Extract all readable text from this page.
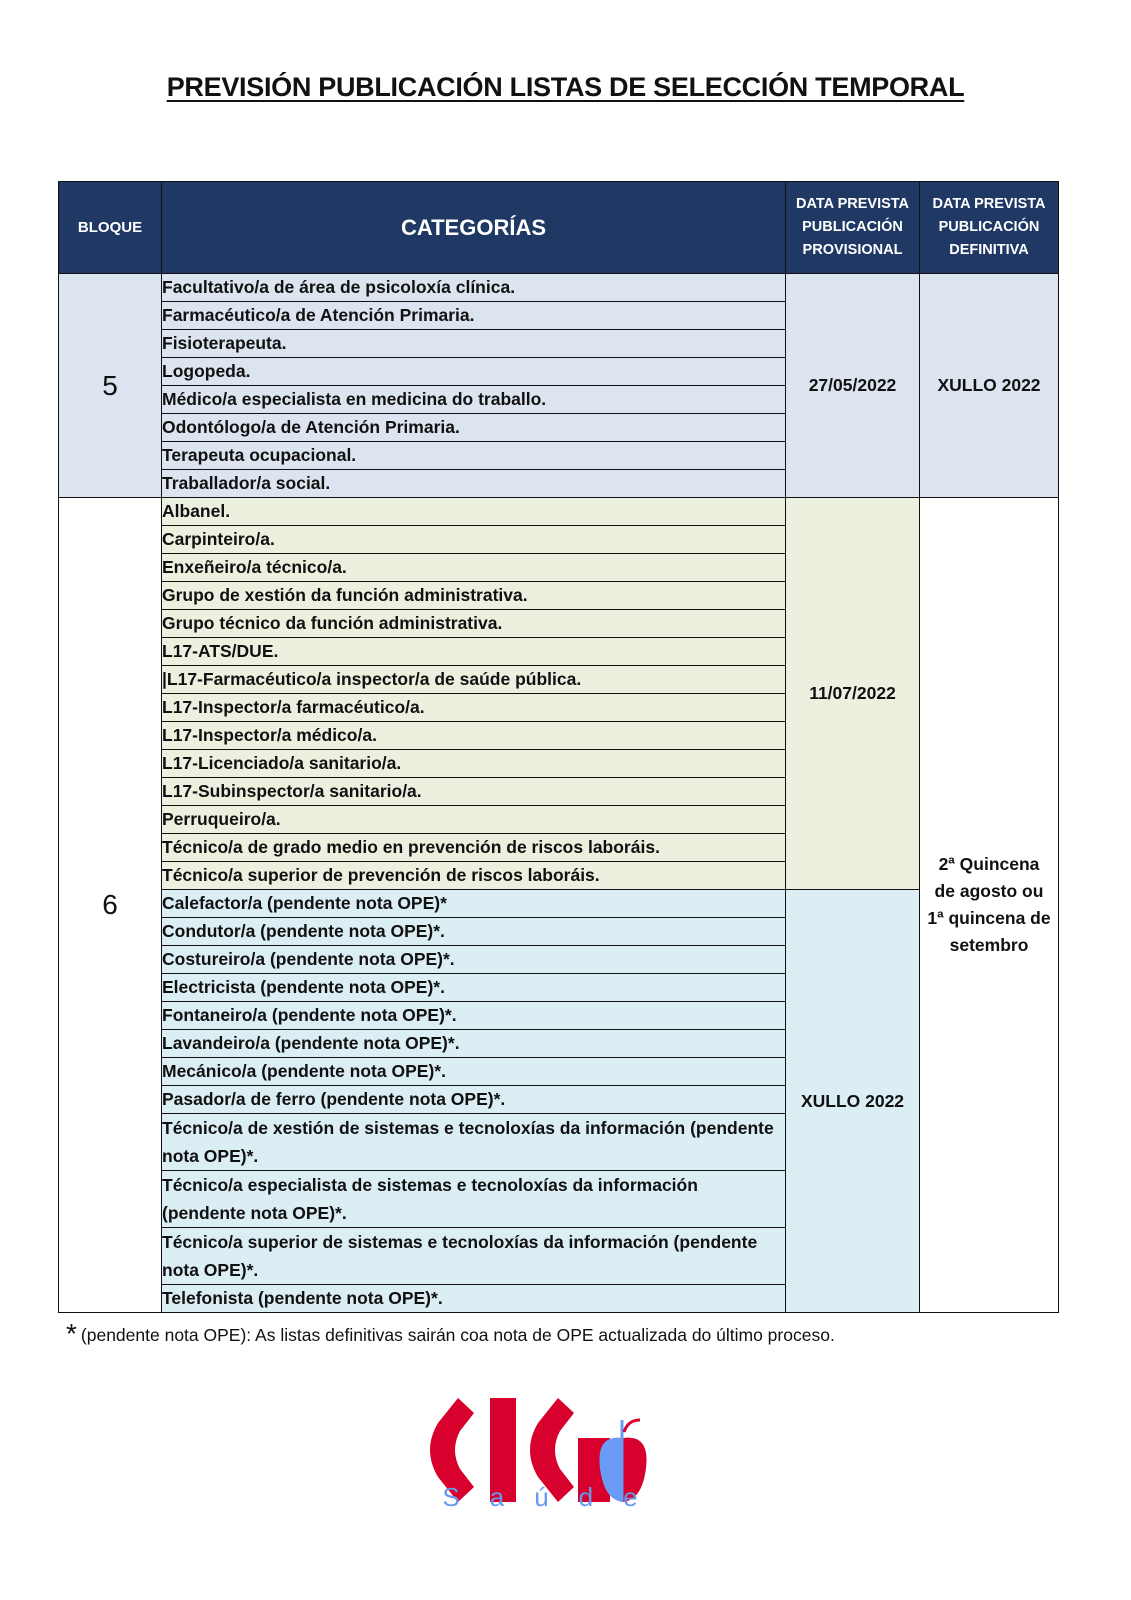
PREVISIÓN PUBLICACIÓN LISTAS DE SELECCIÓN TEMPORAL
BLOQUE	CATEGORÍAS	DATA PREVISTA PUBLICACIÓN PROVISIONAL	DATA PREVISTA PUBLICACIÓN DEFINITIVA
5	Facultativo/a de área de psicoloxía clínica.	27/05/2022	XULLO 2022
	Farmacéutico/a de Atención Primaria.		
	Fisioterapeuta.		
	Logopeda.		
	Médico/a especialista en medicina do traballo.		
	Odontólogo/a de Atención Primaria.		
	Terapeuta ocupacional.		
	Traballador/a social.		
6	Albanel.	11/07/2022	2ª Quincena de agosto ou 1ª quincena de setembro
	Carpinteiro/a.		
	Enxeñeiro/a técnico/a.		
	Grupo de xestión da función administrativa.		
	Grupo técnico da función administrativa.		
	L17-ATS/DUE.		
	|L17-Farmacéutico/a inspector/a de saúde pública.		
	L17-Inspector/a farmacéutico/a.		
	L17-Inspector/a médico/a.		
	L17-Licenciado/a sanitario/a.		
	L17-Subinspector/a sanitario/a.		
	Perruqueiro/a.		
	Técnico/a de grado medio en prevención de riscos laboráis.		
	Técnico/a superior de prevención de riscos laboráis.		
	Calefactor/a (pendente nota OPE)*	XULLO 2022	
	Condutor/a (pendente nota OPE)*.		
	Costureiro/a (pendente nota OPE)*.		
	Electricista (pendente nota OPE)*.		
	Fontaneiro/a (pendente nota OPE)*.		
	Lavandeiro/a (pendente nota OPE)*.		
	Mecánico/a (pendente nota OPE)*.		
	Pasador/a de ferro (pendente nota OPE)*.		
	Técnico/a de xestión de sistemas e tecnoloxías da información (pendente nota OPE)*.		
	Técnico/a especialista de sistemas e tecnoloxías da información (pendente nota OPE)*.		
	Técnico/a superior de sistemas e tecnoloxías da información (pendente nota OPE)*.		
	Telefonista (pendente nota OPE)*.		
* (pendente nota OPE): As listas definitivas sairán coa nota de OPE actualizada do último proceso.
Saúde
